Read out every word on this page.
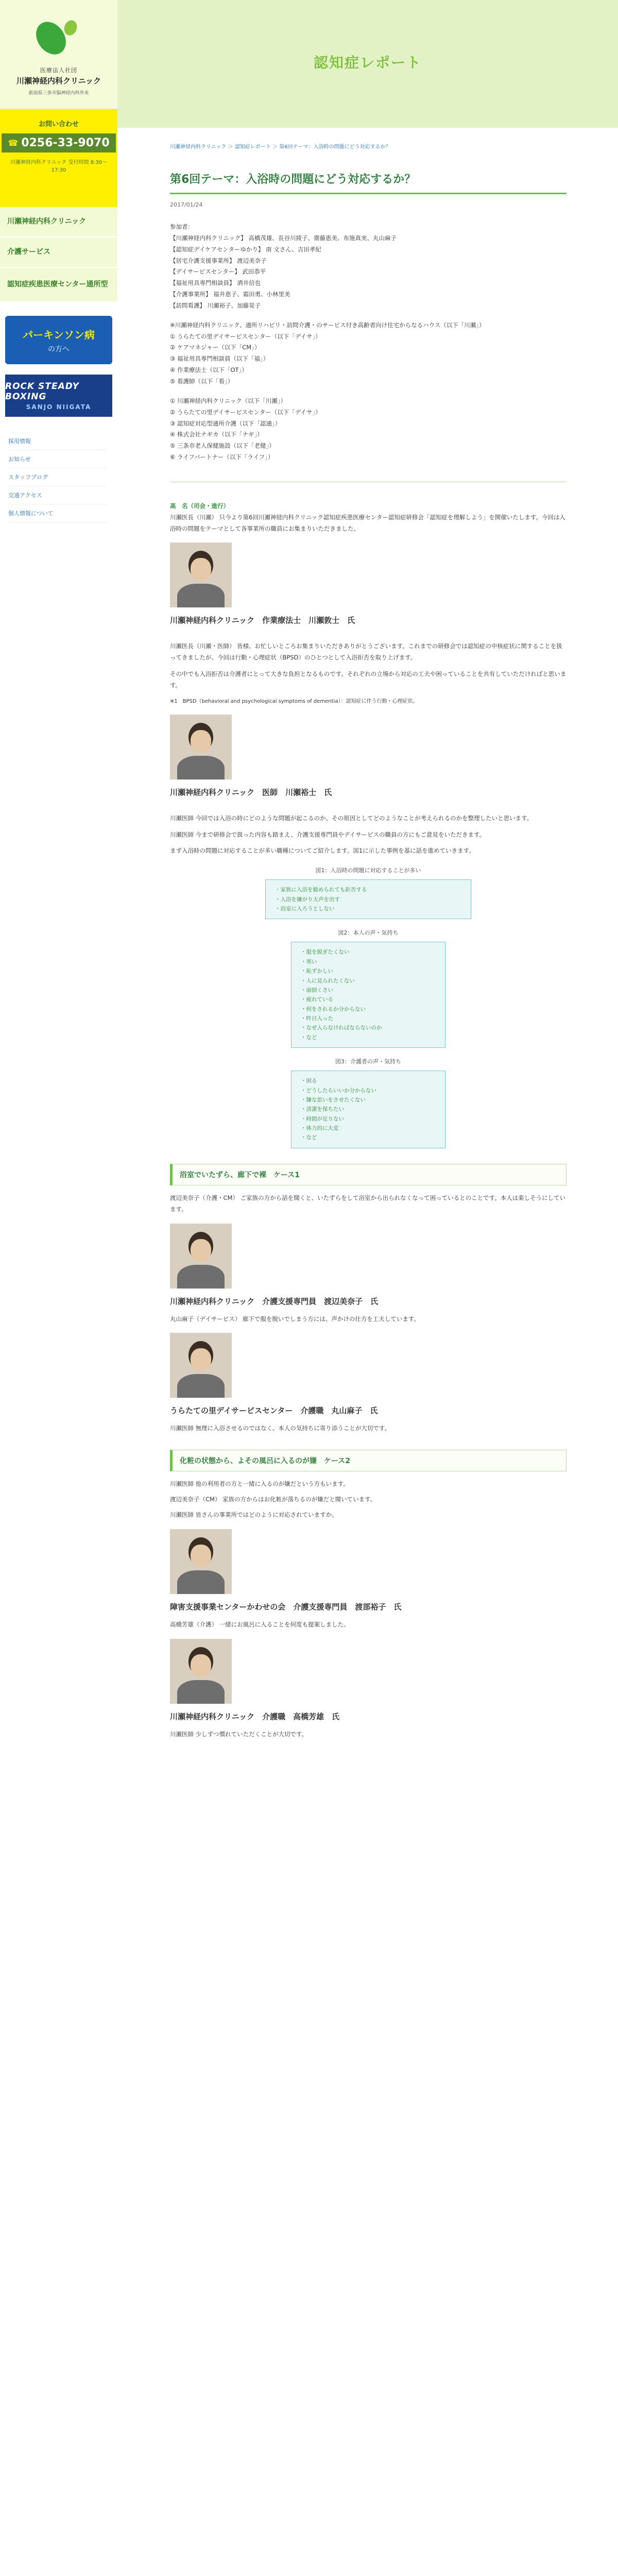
医療法人社団
川瀬神経内科クリニック
新潟県三条市脳神経内科外来
お問い合わせ
☎ 0256-33-9070
川瀬神経内科クリニック 受付時間 8:30〜17:30
川瀬神経内科クリニック
介護サービス
認知症疾患医療センター通所型
パーキンソン病
の方へ
ROCK STEADY BOXING
SANJO NIIGATA
採用情報
お知らせ
スタッフブログ
交通アクセス
個人情報について
認知症レポート
川瀬神経内科クリニック ＞ 認知症レポート ＞ 第6回テーマ：入浴時の問題にどう対応するか？
第6回テーマ：入浴時の問題にどう対応するか？
2017/01/24
参加者：
【川瀬神経内科クリニック】 高橋茂雄、長谷川綾子、齋藤恵美、布施真実、丸山麻子
【認知症デイケアセンターゆかり】 南 文さん、吉田孝紀
【居宅介護支援事業所】 渡辺美奈子
【デイサービスセンター】 武田恭平
【福祉用具専門相談員】 酒井信也
【介護事業所】 福井恵子、霜田勇、小林里美
【訪問看護】 川瀬裕子、加藤晃子
※川瀬神経内科クリニック、通所リハビリ・訪問介護・のサービス付き高齢者向け住宅からなるハウス（以下「川瀬」）
① うらたての里デイサービスセンター（以下「デイサ」）
② ケアマネジャー（以下「CM」）
③ 福祉用具専門相談員（以下「福」）
④ 作業療法士（以下「OT」）
⑤ 看護師（以下「看」）
① 川瀬神経内科クリニック（以下「川瀬」）
② うらたての里デイサービスセンター（以下「デイサ」）
③ 認知症対応型通所介護（以下「認通」）
④ 株式会社ナギカ（以下「ナギ」）
⑤ 三条市老人保健施設（以下「老健」）
⑥ ライフパートナー（以下「ライフ」）
高　名（司会・進行）
川瀬医長（川瀬） 只今より第6回川瀬神経内科クリニック認知症疾患医療センター認知症研修会「認知症を理解しよう」を開催いたします。今回は入浴時の問題をテーマとして各事業所の職員にお集まりいただきました。
川瀬神経内科クリニック　作業療法士　川瀬敦士　氏
川瀬医長（川瀬・医師） 皆様、お忙しいところお集まりいただきありがとうございます。これまでの研修会では認知症の中核症状に関することを扱ってきましたが、今回は行動・心理症状（BPSD）のひとつとして入浴拒否を取り上げます。
その中でも入浴拒否は介護者にとって大きな負担となるものです。それぞれの立場から対応の工夫や困っていることを共有していただければと思います。
※1　BPSD（behavioral and psychological symptoms of dementia）：認知症に伴う行動・心理症状。
川瀬神経内科クリニック　医師　川瀬裕士　氏
川瀬医師 今回では入浴の時にどのような問題が起こるのか、その原因としてどのようなことが考えられるのかを整理したいと思います。
川瀬医師 今まで研修会で扱った内容も踏まえ、介護支援専門員やデイサービスの職員の方にもご意見をいただきます。
まず入浴時の問題に対応することが多い職種についてご紹介します。図1に示した事例を基に話を進めていきます。
図1：入浴時の問題に対応することが多い
・家族に入浴を勧められても拒否する
・入浴を嫌がり大声を出す
・浴室に入ろうとしない
図2：本人の声・気持ち
・服を脱ぎたくない
・寒い
・恥ずかしい
・人に見られたくない
・面倒くさい
・疲れている
・何をされるか分からない
・昨日入った
・なぜ入らなければならないのか
・など
図3：介護者の声・気持ち
・困る
・どうしたらいいか分からない
・嫌な思いをさせたくない
・清潔を保ちたい
・時間が足りない
・体力的に大変
・など
浴室でいたずら、廊下で裸　ケース1
渡辺美奈子（介護・CM） ご家族の方から話を聞くと、いたずらをして浴室から出られなくなって困っているとのことです。本人は楽しそうにしています。
川瀬神経内科クリニック　介護支援専門員　渡辺美奈子　氏
丸山麻子（デイサービス） 廊下で服を脱いでしまう方には、声かけの仕方を工夫しています。
うらたての里デイサービスセンター　介護職　丸山麻子　氏
川瀬医師 無理に入浴させるのではなく、本人の気持ちに寄り添うことが大切です。
化粧の状態から、よその風呂に入るのが嫌　ケース2
川瀬医師 他の利用者の方と一緒に入るのが嫌だという方もいます。
渡辺美奈子（CM） 家族の方からはお化粧が落ちるのが嫌だと聞いています。
川瀬医師 皆さんの事業所ではどのように対応されていますか。
障害支援事業センターかわせの会　介護支援専門員　渡部裕子　氏
高橋芳雄（介護） 一緒にお風呂に入ることを何度も提案しました。
川瀬神経内科クリニック　介護職　高橋芳雄　氏
川瀬医師 少しずつ慣れていただくことが大切です。
